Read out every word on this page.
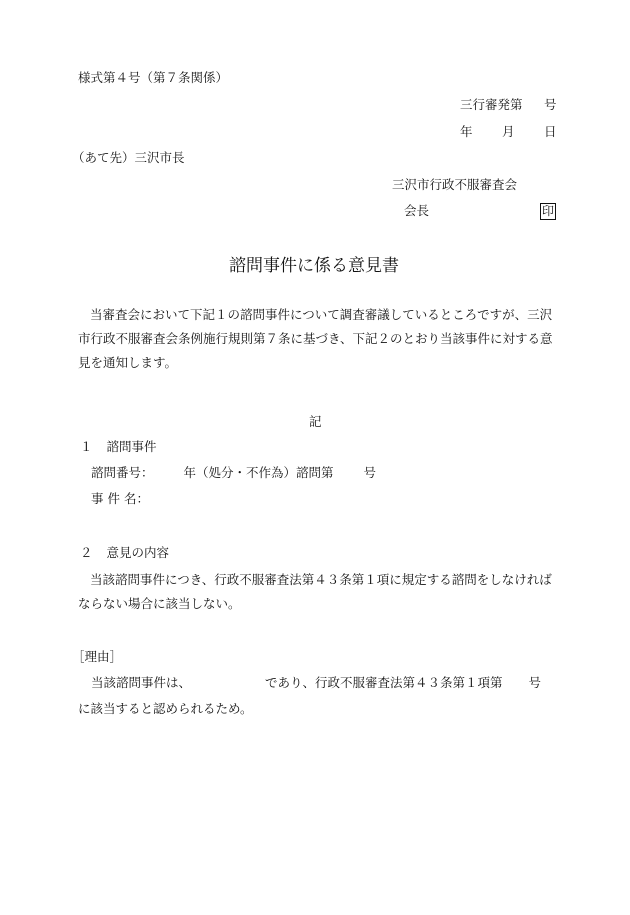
様式第４号（第７条関係）
三行審発第 号
年 月 日
（あて先）三沢市長
三沢市行政不服審査会
会長	印
諮問事件に係る意見書
当審査会において下記１の諮問事件について調査審議しているところですが、三沢市行政不服審査会条例施行規則第７条に基づき、下記２のとおり当該事件に対する意見を通知します。
記
１ 諮問事件
諮問番号： 年（処分・不作為）諮問第 号
事 件 名：
２ 意見の内容
当該諮問事件につき、行政不服審査法第４３条第１項に規定する諮問をしなければならない場合に該当しない。
［理由］
当該諮問事件は、	であり、行政不服審査法第４３条第１項第 号
に該当すると認められるため。
